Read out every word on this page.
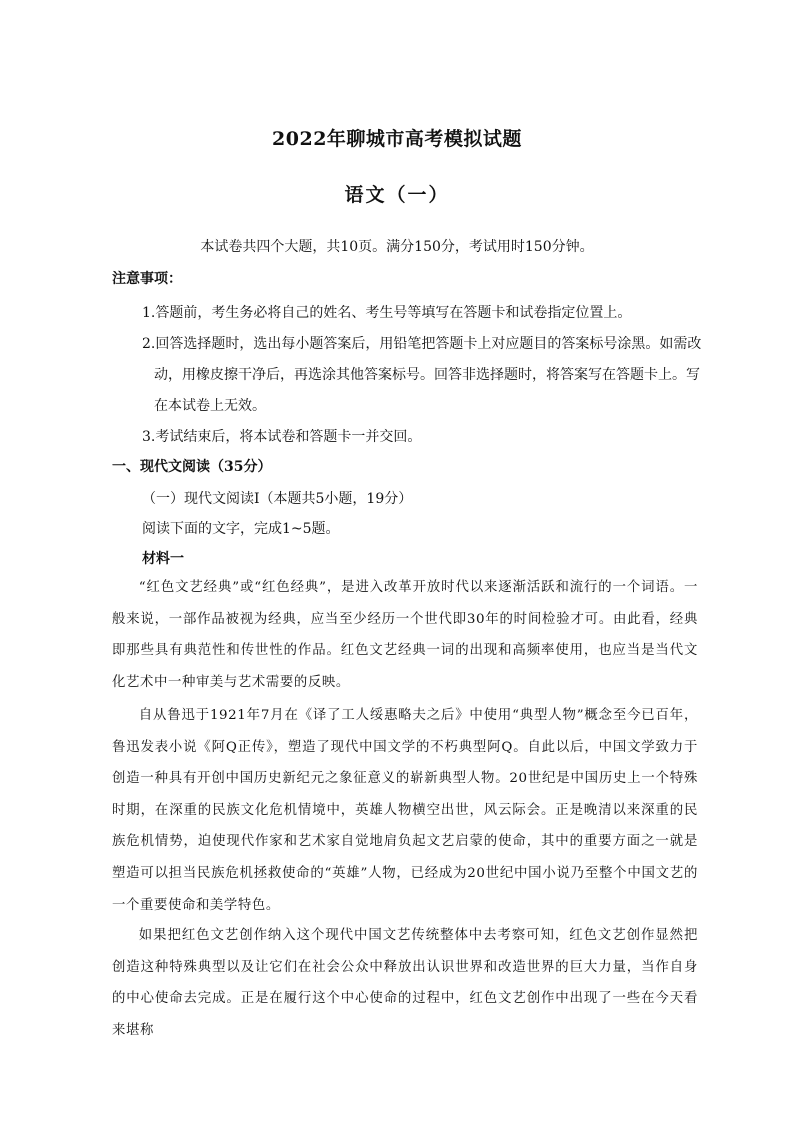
2022年聊城市高考模拟试题
语文（一）
本试卷共四个大题，共10页。满分150分，考试用时150分钟。
注意事项：
1.答题前，考生务必将自己的姓名、考生号等填写在答题卡和试卷指定位置上。
2.回答选择题时，选出每小题答案后，用铅笔把答题卡上对应题目的答案标号涂黑。如需改动，用橡皮擦干净后，再选涂其他答案标号。回答非选择题时，将答案写在答题卡上。写在本试卷上无效。
3.考试结束后，将本试卷和答题卡一并交回。
一、现代文阅读（35分）
（一）现代文阅读Ⅰ（本题共5小题，19分）
阅读下面的文字，完成1~5题。
材料一

“红色文艺经典”或“红色经典”，是进入改革开放时代以来逐渐活跃和流行的一个词语。一般来说，一部作品被视为经典，应当至少经历一个世代即30年的时间检验才可。由此看，经典即那些具有典范性和传世性的作品。红色文艺经典一词的出现和高频率使用，也应当是当代文化艺术中一种审美与艺术需要的反映。

自从鲁迅于1921年7月在《译了工人绥惠略夫之后》中使用“典型人物”概念至今已百年，鲁迅发表小说《阿Q正传》，塑造了现代中国文学的不朽典型阿Q。自此以后，中国文学致力于创造一种具有开创中国历史新纪元之象征意义的崭新典型人物。20世纪是中国历史上一个特殊时期，在深重的民族文化危机情境中，英雄人物横空出世，风云际会。正是晚清以来深重的民族危机情势，迫使现代作家和艺术家自觉地肩负起文艺启蒙的使命，其中的重要方面之一就是塑造可以担当民族危机拯救使命的“英雄”人物，已经成为20世纪中国小说乃至整个中国文艺的一个重要使命和美学特色。

如果把红色文艺创作纳入这个现代中国文艺传统整体中去考察可知，红色文艺创作显然把创造这种特殊典型以及让它们在社会公众中释放出认识世界和改造世界的巨大力量，当作自身的中心使命去完成。正是在履行这个中心使命的过程中，红色文艺创作中出现了一些在今天看来堪称
